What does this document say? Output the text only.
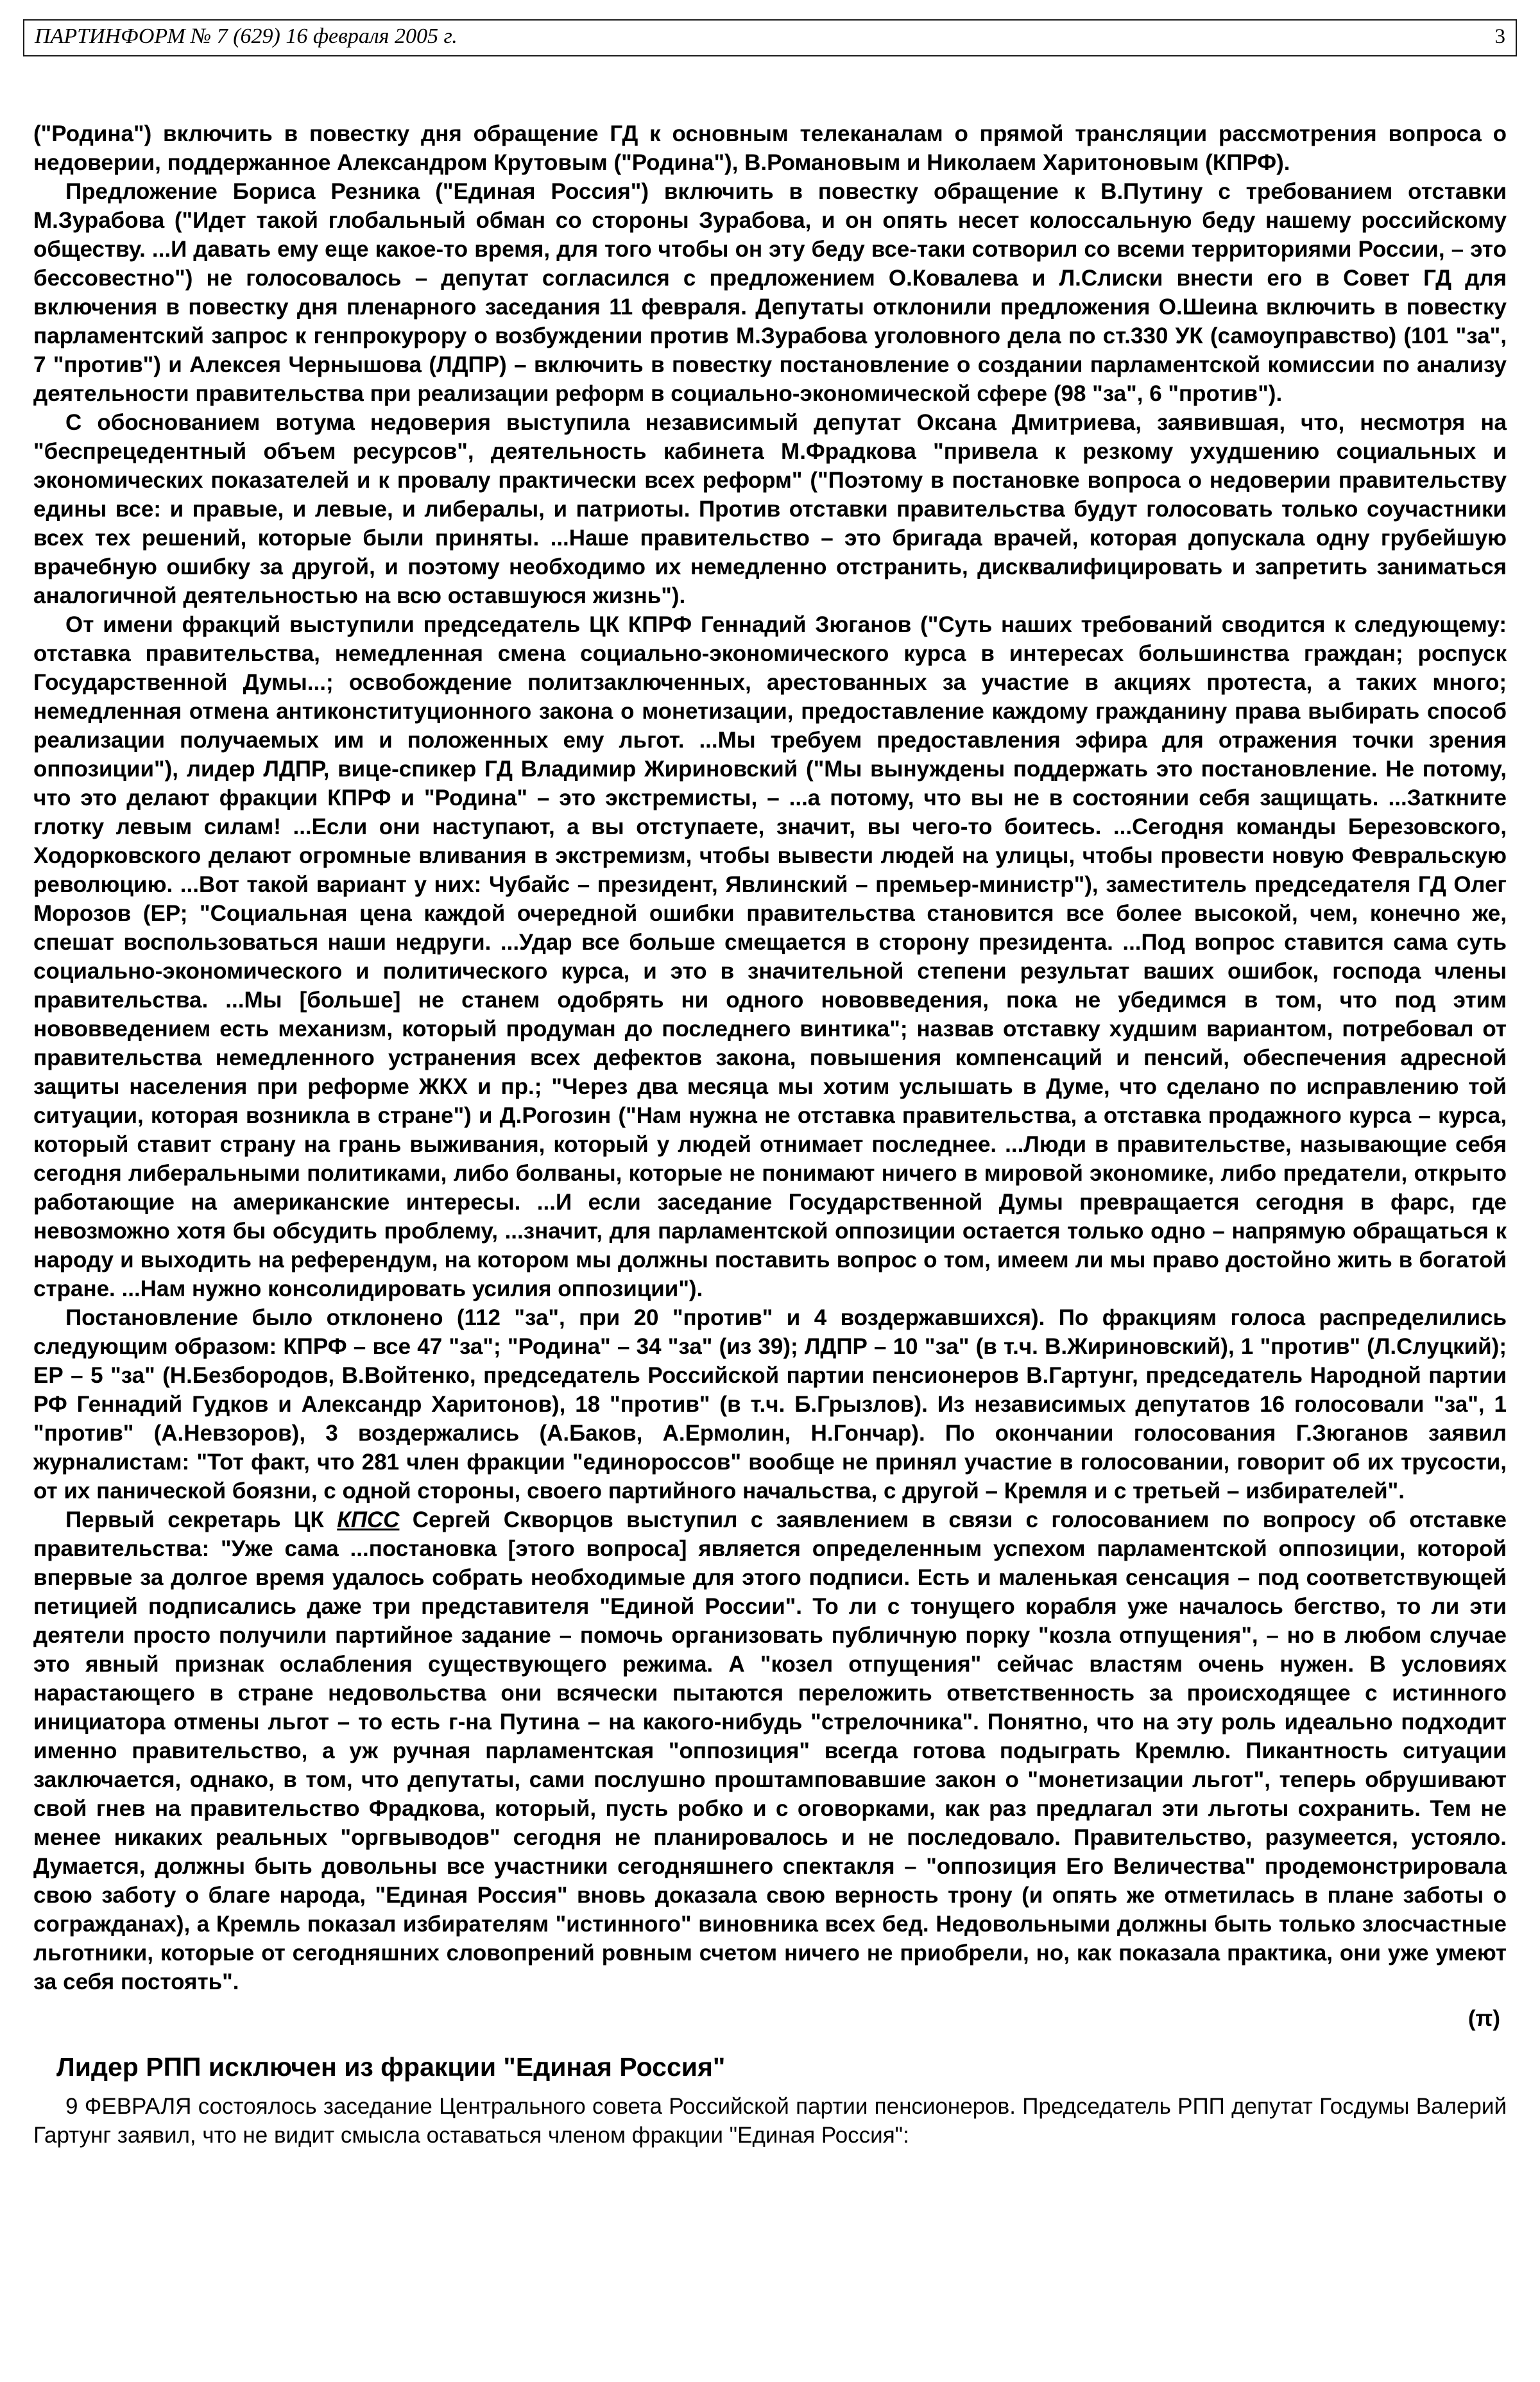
ПАРТИНФОРМ № 7 (629) 16 февраля 2005 г.	3

("Родина") включить в повестку дня обращение ГД к основным телеканалам о прямой трансляции рассмотрения вопроса о недоверии, поддержанное Александром Крутовым ("Родина"), В.Романовым и Николаем Харитоновым (КПРФ).

Предложение Бориса Резника ("Единая Россия") включить в повестку обращение к В.Путину с требованием отставки М.Зурабова ("Идет такой глобальный обман со стороны Зурабова, и он опять несет колоссальную беду нашему российскому обществу. ...И давать ему еще какое-то время, для того чтобы он эту беду все-таки сотворил со всеми территориями России, – это бессовестно") не голосовалось – депутат согласился с предложением О.Ковалева и Л.Слиски внести его в Совет ГД для включения в повестку дня пленарного заседания 11 февраля. Депутаты отклонили предложения О.Шеина включить в повестку парламентский запрос к генпрокурору о возбуждении против М.Зурабова уголовного дела по ст.330 УК (самоуправство) (101 "за", 7 "против") и Алексея Чернышова (ЛДПР) – включить в повестку постановление о создании парламентской комиссии по анализу деятельности правительства при реализации реформ в социально-экономической сфере (98 "за", 6 "против").

С обоснованием вотума недоверия выступила независимый депутат Оксана Дмитриева, заявившая, что, несмотря на "беспрецедентный объем ресурсов", деятельность кабинета М.Фрадкова "привела к резкому ухудшению социальных и экономических показателей и к провалу практически всех реформ" ("Поэтому в постановке вопроса о недоверии правительству едины все: и правые, и левые, и либералы, и патриоты. Против отставки правительства будут голосовать только соучастники всех тех решений, которые были приняты. ...Наше правительство – это бригада врачей, которая допускала одну грубейшую врачебную ошибку за другой, и поэтому необходимо их немедленно отстранить, дисквалифицировать и запретить заниматься аналогичной деятельностью на всю оставшуюся жизнь").

От имени фракций выступили председатель ЦК КПРФ Геннадий Зюганов ("Суть наших требований сводится к следующему: отставка правительства, немедленная смена социально-экономического курса в интересах большинства граждан; роспуск Государственной Думы...; освобождение политзаключенных, арестованных за участие в акциях протеста, а таких много; немедленная отмена антиконституционного закона о монетизации, предоставление каждому гражданину права выбирать способ реализации получаемых им и положенных ему льгот. ...Мы требуем предоставления эфира для отражения точки зрения оппозиции"), лидер ЛДПР, вице-спикер ГД Владимир Жириновский ("Мы вынуждены поддержать это постановление. Не потому, что это делают фракции КПРФ и "Родина" – это экстремисты, – ...а потому, что вы не в состоянии себя защищать. ...Заткните глотку левым силам! ...Если они наступают, а вы отступаете, значит, вы чего-то боитесь. ...Сегодня команды Березовского, Ходорковского делают огромные вливания в экстремизм, чтобы вывести людей на улицы, чтобы провести новую Февральскую революцию. ...Вот такой вариант у них: Чубайс – президент, Явлинский – премьер-министр"), заместитель председателя ГД Олег Морозов (ЕР; "Социальная цена каждой очередной ошибки правительства становится все более высокой, чем, конечно же, спешат воспользоваться наши недруги. ...Удар все больше смещается в сторону президента. ...Под вопрос ставится сама суть социально-экономического и политического курса, и это в значительной степени результат ваших ошибок, господа члены правительства. ...Мы [больше] не станем одобрять ни одного нововведения, пока не убедимся в том, что под этим нововведением есть механизм, который продуман до последнего винтика"; назвав отставку худшим вариантом, потребовал от правительства немедленного устранения всех дефектов закона, повышения компенсаций и пенсий, обеспечения адресной защиты населения при реформе ЖКХ и пр.; "Через два месяца мы хотим услышать в Думе, что сделано по исправлению той ситуации, которая возникла в стране") и Д.Рогозин ("Нам нужна не отставка правительства, а отставка продажного курса – курса, который ставит страну на грань выживания, который у людей отнимает последнее. ...Люди в правительстве, называющие себя сегодня либеральными политиками, либо болваны, которые не понимают ничего в мировой экономике, либо предатели, открыто работающие на американские интересы. ...И если заседание Государственной Думы превращается сегодня в фарс, где невозможно хотя бы обсудить проблему, ...значит, для парламентской оппозиции остается только одно – напрямую обращаться к народу и выходить на референдум, на котором мы должны поставить вопрос о том, имеем ли мы право достойно жить в богатой стране. ...Нам нужно консолидировать усилия оппозиции").

Постановление было отклонено (112 "за", при 20 "против" и 4 воздержавшихся). По фракциям голоса распределились следующим образом: КПРФ – все 47 "за"; "Родина" – 34 "за" (из 39); ЛДПР – 10 "за" (в т.ч. В.Жириновский), 1 "против" (Л.Слуцкий); ЕР – 5 "за" (Н.Безбородов, В.Войтенко, председатель Российской партии пенсионеров В.Гартунг, председатель Народной партии РФ Геннадий Гудков и Александр Харитонов), 18 "против" (в т.ч. Б.Грызлов). Из независимых депутатов 16 голосовали "за", 1 "против" (А.Невзоров), 3 воздержались (А.Баков, А.Ермолин, Н.Гончар). По окончании голосования Г.Зюганов заявил журналистам: "Тот факт, что 281 член фракции "единороссов" вообще не принял участие в голосовании, говорит об их трусости, от их панической боязни, с одной стороны, своего партийного начальства, с другой – Кремля и с третьей – избирателей".

Первый секретарь ЦК КПСС Сергей Скворцов выступил с заявлением в связи с голосованием по вопросу об отставке правительства: "Уже сама ...постановка [этого вопроса] является определенным успехом парламентской оппозиции, которой впервые за долгое время удалось собрать необходимые для этого подписи. Есть и маленькая сенсация – под соответствующей петицией подписались даже три представителя "Единой России". То ли с тонущего корабля уже началось бегство, то ли эти деятели просто получили партийное задание – помочь организовать публичную порку "козла отпущения", – но в любом случае это явный признак ослабления существующего режима. А "козел отпущения" сейчас властям очень нужен. В условиях нарастающего в стране недовольства они всячески пытаются переложить ответственность за происходящее с истинного инициатора отмены льгот – то есть г-на Путина – на какого-нибудь "стрелочника". Понятно, что на эту роль идеально подходит именно правительство, а уж ручная парламентская "оппозиция" всегда готова подыграть Кремлю. Пикантность ситуации заключается, однако, в том, что депутаты, сами послушно проштамповавшие закон о "монетизации льгот", теперь обрушивают свой гнев на правительство Фрадкова, который, пусть робко и с оговорками, как раз предлагал эти льготы сохранить. Тем не менее никаких реальных "оргвыводов" сегодня не планировалось и не последовало. Правительство, разумеется, устояло. Думается, должны быть довольны все участники сегодняшнего спектакля – "оппозиция Его Величества" продемонстрировала свою заботу о благе народа, "Единая Россия" вновь доказала свою верность трону (и опять же отметилась в плане заботы о согражданах), а Кремль показал избирателям "истинного" виновника всех бед. Недовольными должны быть только злосчастные льготники, которые от сегодняшних словопрений ровным счетом ничего не приобрели, но, как показала практика, они уже умеют за себя постоять".

(π)
Лидер РПП исключен из фракции "Единая Россия"

9 ФЕВРАЛЯ состоялось заседание Центрального совета Российской партии пенсионеров. Председатель РПП депутат Госдумы Валерий Гартунг заявил, что не видит смысла оставаться членом фракции "Единая Россия":
